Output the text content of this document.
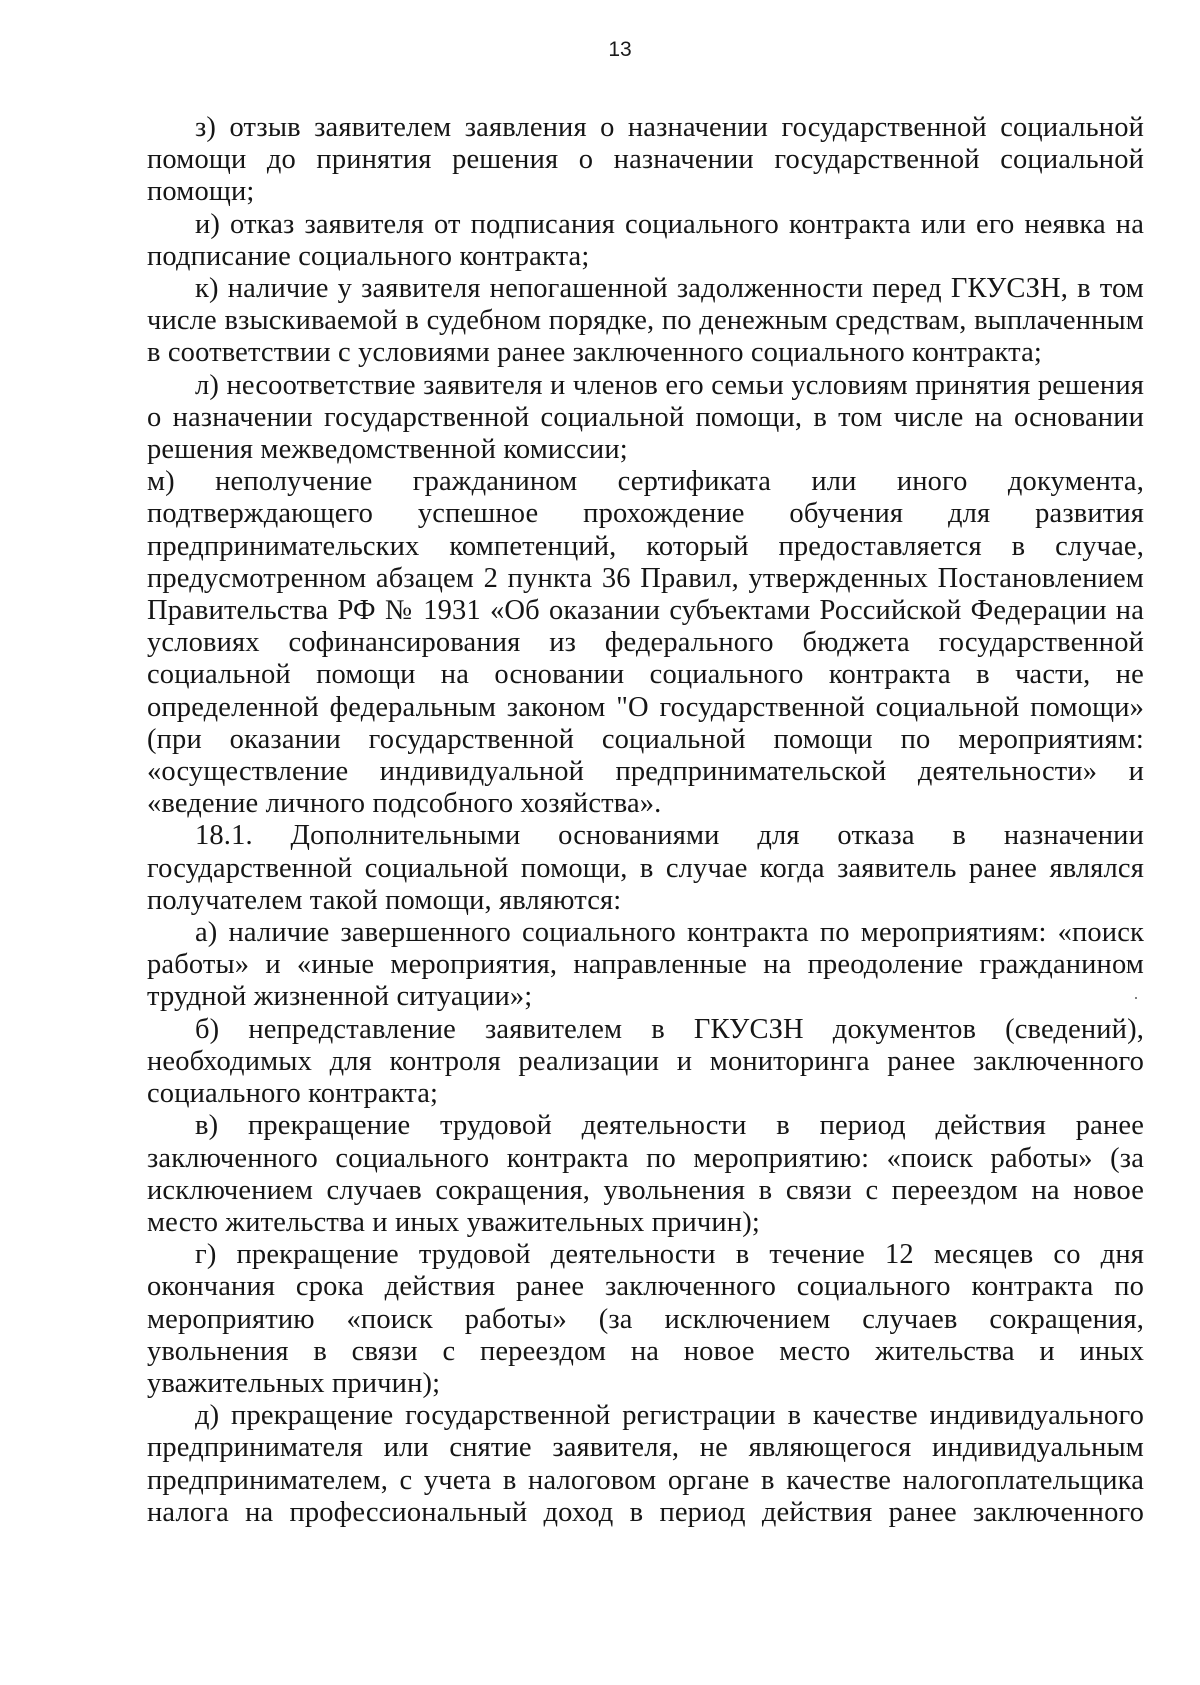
13

з) отзыв заявителем заявления о назначении государственной социальной помощи до принятия решения о назначении государственной социальной помощи;

и) отказ заявителя от подписания социального контракта или его неявка на подписание социального контракта;

к) наличие у заявителя непогашенной задолженности перед ГКУСЗН, в том числе взыскиваемой в судебном порядке, по денежным средствам, выплаченным в соответствии с условиями ранее заключенного социального контракта;

л) несоответствие заявителя и членов его семьи условиям принятия решения о назначении государственной социальной помощи, в том числе на основании решения межведомственной комиссии;

м) неполучение гражданином сертификата или иного документа, подтверждающего успешное прохождение обучения для развития предпринимательских компетенций, который предоставляется в случае, предусмотренном абзацем 2 пункта 36 Правил, утвержденных Постановлением Правительства РФ № 1931 «Об оказании субъектами Российской Федерации на условиях софинансирования из федерального бюджета государственной социальной помощи на основании социального контракта в части, не определенной федеральным законом "О государственной социальной помощи» (при оказании государственной социальной помощи по мероприятиям: «осуществление индивидуальной предпринимательской деятельности» и «ведение личного подсобного хозяйства».

18.1. Дополнительными основаниями для отказа в назначении государственной социальной помощи, в случае когда заявитель ранее являлся получателем такой помощи, являются:

а) наличие завершенного социального контракта по мероприятиям: «поиск работы» и «иные мероприятия, направленные на преодоление гражданином трудной жизненной ситуации»;

б) непредставление заявителем в ГКУСЗН документов (сведений), необходимых для контроля реализации и мониторинга ранее заключенного социального контракта;

в) прекращение трудовой деятельности в период действия ранее заключенного социального контракта по мероприятию: «поиск работы» (за исключением случаев сокращения, увольнения в связи с переездом на новое место жительства и иных уважительных причин);

г) прекращение трудовой деятельности в течение 12 месяцев со дня окончания срока действия ранее заключенного социального контракта по мероприятию «поиск работы» (за исключением случаев сокращения, увольнения в связи с переездом на новое место жительства и иных уважительных причин);

д) прекращение государственной регистрации в качестве индивидуального предпринимателя или снятие заявителя, не являющегося индивидуальным предпринимателем, с учета в налоговом органе в качестве налогоплательщика налога на профессиональный доход в период действия ранее заключенного
